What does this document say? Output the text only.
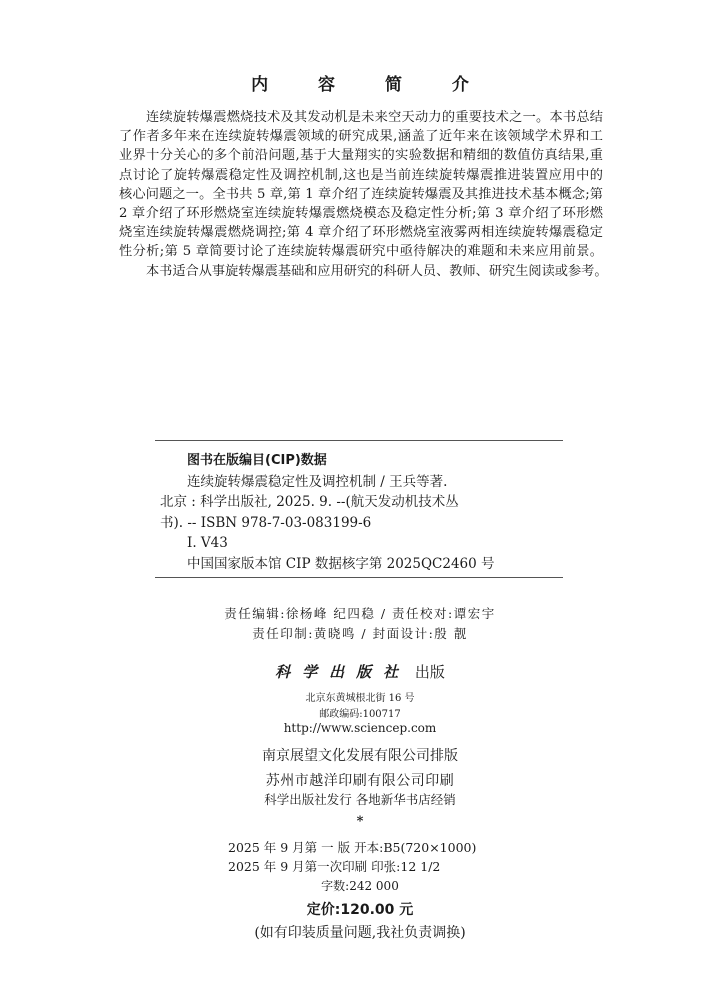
内 容 简 介
连续旋转爆震燃烧技术及其发动机是未来空天动力的重要技术之一。本书总结
了作者多年来在连续旋转爆震领域的研究成果,涵盖了近年来在该领域学术界和工
业界十分关心的多个前沿问题,基于大量翔实的实验数据和精细的数值仿真结果,重
点讨论了旋转爆震稳定性及调控机制,这也是当前连续旋转爆震推进装置应用中的
核心问题之一。全书共 5 章,第 1 章介绍了连续旋转爆震及其推进技术基本概念;第
2 章介绍了环形燃烧室连续旋转爆震燃烧模态及稳定性分析;第 3 章介绍了环形燃
烧室连续旋转爆震燃烧调控;第 4 章介绍了环形燃烧室液雾两相连续旋转爆震稳定
性分析;第 5 章简要讨论了连续旋转爆震研究中亟待解决的难题和未来应用前景。
本书适合从事旋转爆震基础和应用研究的科研人员、教师、研究生阅读或参考。
图书在版编目(CIP)数据
连续旋转爆震稳定性及调控机制 / 王兵等著.
北京 : 科学出版社, 2025. 9. --(航天发动机技术丛
书). -- ISBN 978-7-03-083199-6
Ⅰ. V43
中国国家版本馆 CIP 数据核字第 2025QC2460 号
责任编辑:徐杨峰 纪四稳 / 责任校对:谭宏宇
责任印制:黄晓鸣 / 封面设计:殷 靓
科学出版社 出版
北京东黄城根北街 16 号
邮政编码:100717
http://www.sciencep.com
南京展望文化发展有限公司排版
苏州市越洋印刷有限公司印刷
科学出版社发行 各地新华书店经销
*
2025 年 9 月第 一 版 开本:B5(720×1000)
2025 年 9 月第一次印刷 印张:12 1/2
字数:242 000
定价:120.00 元
(如有印装质量问题,我社负责调换)
